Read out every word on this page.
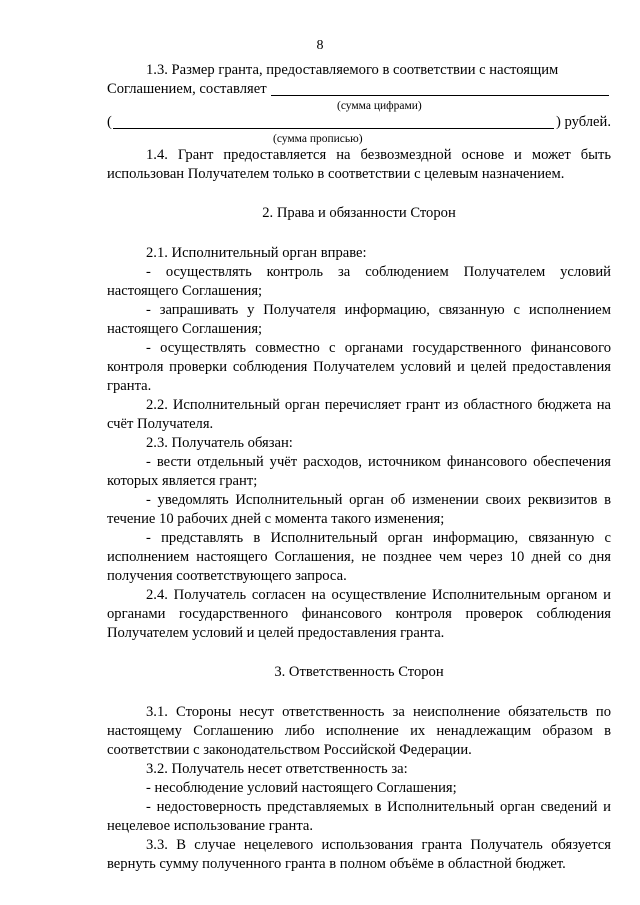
8

1.3. Размер гранта, предоставляемого в соответствии с настоящим

Соглашением, составляет
(сумма цифрами)
(	) рублей.
(сумма прописью)

1.4. Грант предоставляется на безвозмездной основе и может быть использован Получателем только в соответствии с целевым назначением.

2. Права и обязанности Сторон

2.1. Исполнительный орган вправе:

- осуществлять контроль за соблюдением Получателем условий настоящего Соглашения;

- запрашивать у Получателя информацию, связанную с исполнением настоящего Соглашения;

- осуществлять совместно с органами государственного финансового контроля проверки соблюдения Получателем условий и целей предоставления гранта.

2.2. Исполнительный орган перечисляет грант из областного бюджета на счёт Получателя.

2.3. Получатель обязан:

- вести отдельный учёт расходов, источником финансового обеспечения которых является грант;

- уведомлять Исполнительный орган об изменении своих реквизитов в течение 10 рабочих дней с момента такого изменения;

- представлять в Исполнительный орган информацию, связанную с исполнением настоящего Соглашения, не позднее чем через 10 дней со дня получения соответствующего запроса.

2.4. Получатель согласен на осуществление Исполнительным органом и органами государственного финансового контроля проверок соблюдения Получателем условий и целей предоставления гранта.

3. Ответственность Сторон

3.1. Стороны несут ответственность за неисполнение обязательств по настоящему Соглашению либо исполнение их ненадлежащим образом в соответствии с законодательством Российской Федерации.

3.2. Получатель несет ответственность за:

- несоблюдение условий настоящего Соглашения;

- недостоверность представляемых в Исполнительный орган сведений и нецелевое использование гранта.

3.3. В случае нецелевого использования гранта Получатель обязуется вернуть сумму полученного гранта в полном объёме в областной бюджет.
